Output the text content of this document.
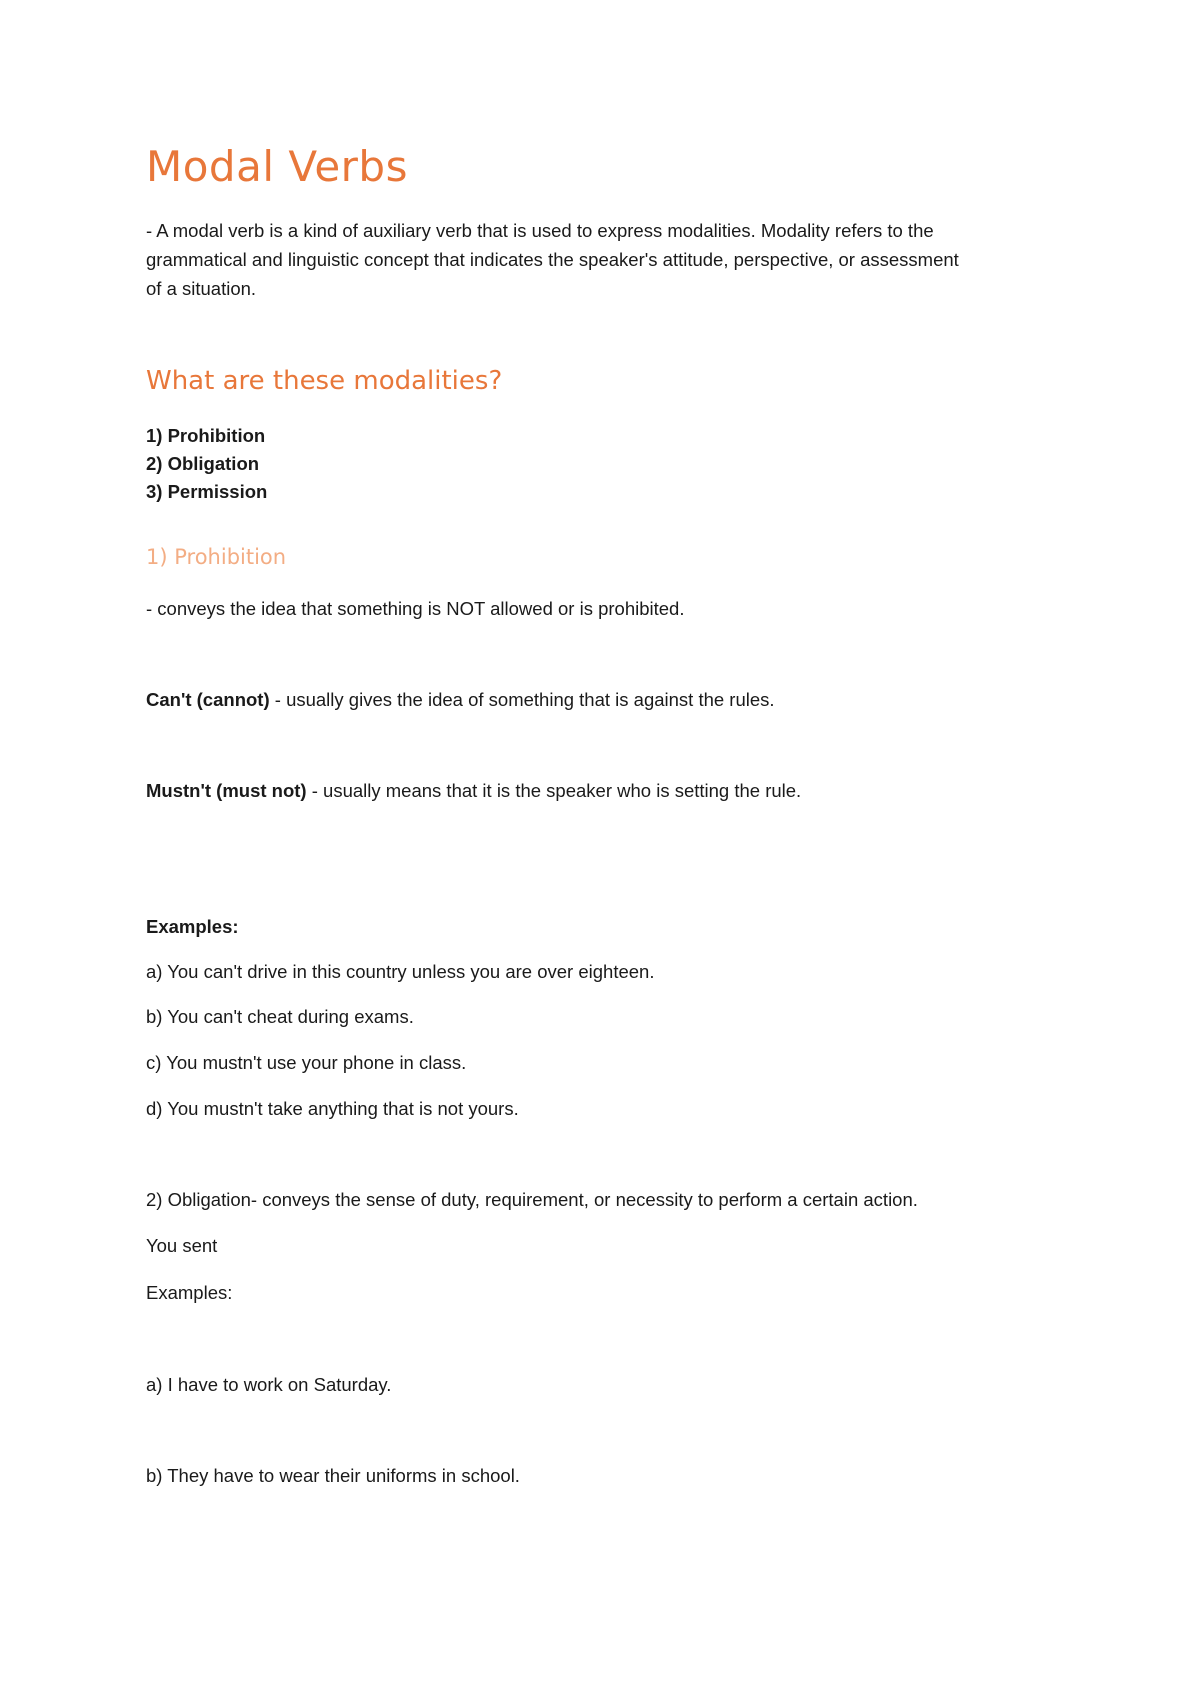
Modal Verbs
- A modal verb is a kind of auxiliary verb that is used to express modalities. Modality refers to the
grammatical and linguistic concept that indicates the speaker's attitude, perspective, or assessment
of a situation.
What are these modalities?
1) Prohibition
2) Obligation
3) Permission
1) Prohibition
- conveys the idea that something is NOT allowed or is prohibited.
Can't (cannot) - usually gives the idea of something that is against the rules.
Mustn't (must not) - usually means that it is the speaker who is setting the rule.
Examples:
a) You can't drive in this country unless you are over eighteen.
b) You can't cheat during exams.
c) You mustn't use your phone in class.
d) You mustn't take anything that is not yours.
2) Obligation- conveys the sense of duty, requirement, or necessity to perform a certain action.
You sent
Examples:
a) I have to work on Saturday.
b) They have to wear their uniforms in school.
